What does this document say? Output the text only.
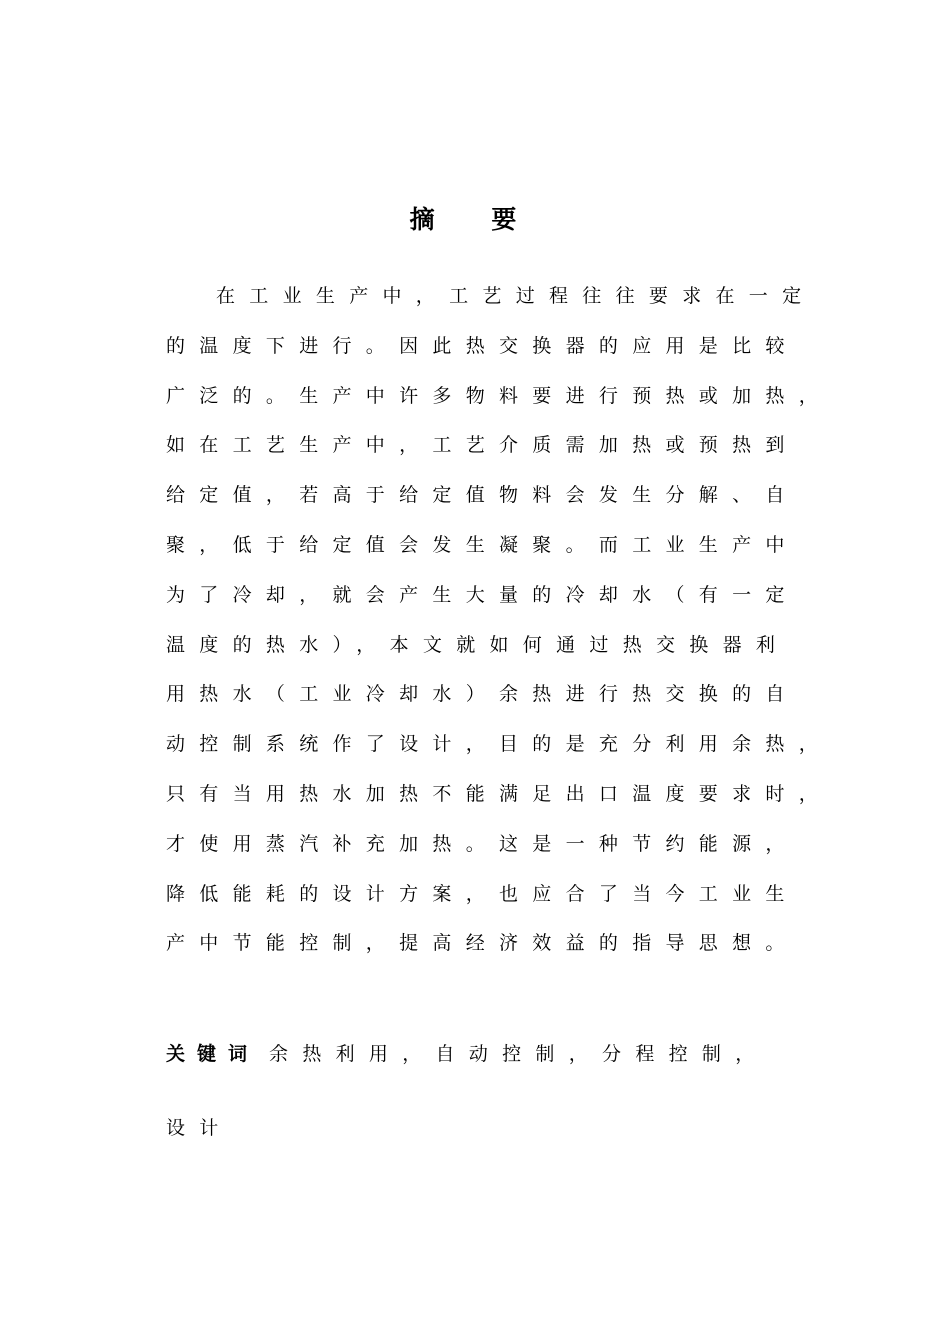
摘 要
在工业生产中，工艺过程往往要求在一定
的温度下进行。因此热交换器的应用是比较
广泛的。生产中许多物料要进行预热或加热，
如在工艺生产中，工艺介质需加热或预热到
给定值，若高于给定值物料会发生分解、自
聚，低于给定值会发生凝聚。而工业生产中
为了冷却，就会产生大量的冷却水（有一定
温度的热水），本文就如何通过热交换器利
用热水（工业冷却水）余热进行热交换的自
动控制系统作了设计，目的是充分利用余热，
只有当用热水加热不能满足出口温度要求时，
才使用蒸汽补充加热。这是一种节约能源，
降低能耗的设计方案，也应合了当今工业生
产中节能控制，提高经济效益的指导思想。
关键词 余热利用，自动控制，分程控制，
设计
